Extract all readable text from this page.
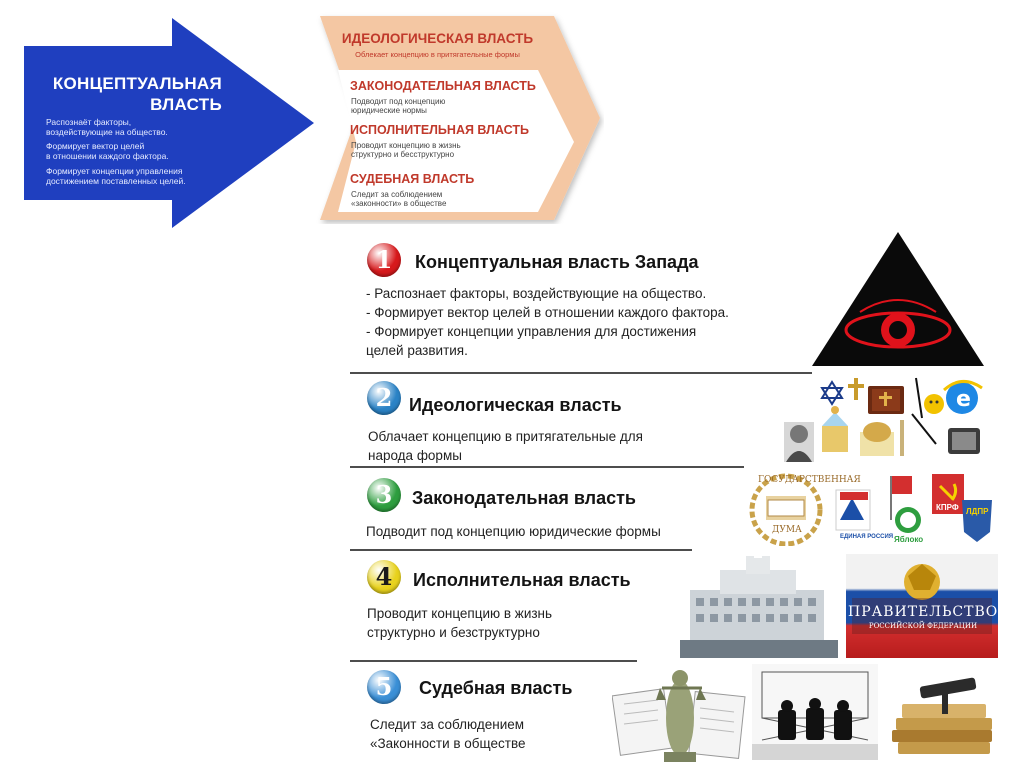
КОНЦЕПТУАЛЬНАЯ
ВЛАСТЬ
Распознаёт факторы,
воздействующие на общество.
Формирует вектор целей
в отношении каждого фактора.
Формирует концепции управления
достижением поставленных целей.
ИДЕОЛОГИЧЕСКАЯ ВЛАСТЬ
Облекает концепцию в притягательные формы
ЗАКОНОДАТЕЛЬНАЯ ВЛАСТЬ
Подводит под концепцию
юридические нормы
ИСПОЛНИТЕЛЬНАЯ ВЛАСТЬ
Проводит концепцию в жизнь
структурно и бесструктурно
СУДЕБНАЯ ВЛАСТЬ
Следит за соблюдением
«законности» в обществе
1	Концептуальная власть Запада
- Распознает факторы, воздействующие на общество.
- Формирует вектор целей в отношении каждого фактора.
- Формирует концепции управления для достижения
целей развития.
2 Идеологическая власть
Облачает концепцию в притягательные для
народа формы
3	Законодательная власть
Подводит под концепцию юридические формы
4	Исполнительная власть
Проводит концепцию в жизнь
структурно и безструктурно
5	Судебная власть
Следит за соблюдением
«Законности в обществе
e
ДУМА
ГОСУДАРСТВЕННАЯ
ЕДИНАЯ РОССИЯ Яблоко
КПРФ ЛДПР
ПРАВИТЕЛЬСТВО
РОССИЙСКОЙ ФЕДЕРАЦИИ
